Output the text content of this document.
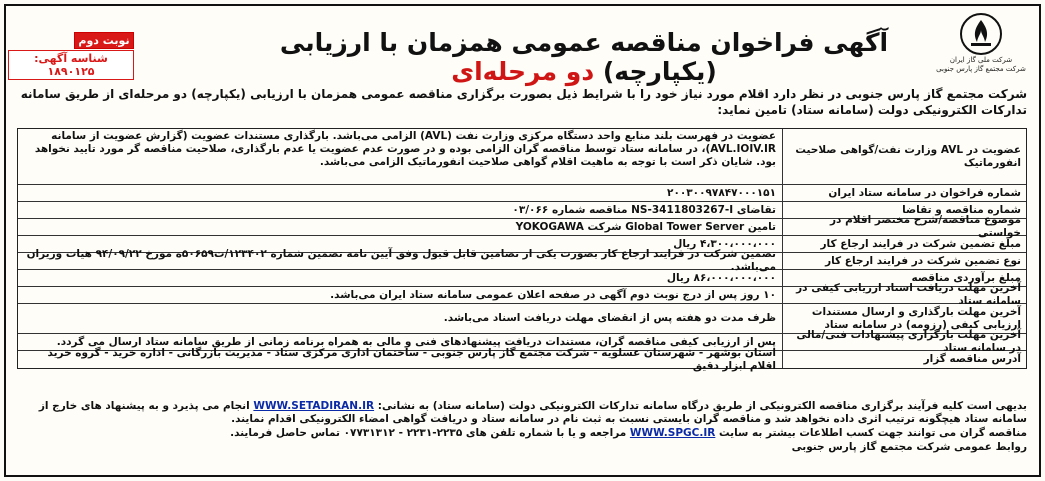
شرکت ملی گاز ایران
شرکت مجتمع گاز پارس جنوبی
آگهی فراخوان مناقصه عمومی همزمان با ارزیابی (یکپارچه) دو مرحله‌ای
نوبت دوم
شناسه آگهی: ۱۸۹۰۱۲۵
شرکت مجتمع گاز پارس جنوبی در نظر دارد اقلام مورد نیاز خود را با شرایط ذیل بصورت برگزاری مناقصه عمومی همزمان با ارزیابی (یکپارچه) دو مرحله‌ای از طریق سامانه تدارکات الکترونیکی دولت (سامانه ستاد) تامین نماید:
عضویت در AVL وزارت نفت/گواهی صلاحیت انفورماتیک
عضویت در فهرست بلند منابع واحد دستگاه مرکزی وزارت نفت (AVL) الزامی می‌باشد. بارگذاری مستندات عضویت (گزارش عضویت از سامانه AVL.IOIV.IR)، در سامانه ستاد توسط مناقصه گران الزامی بوده و در صورت عدم عضویت یا عدم بارگذاری، صلاحیت مناقصه گر مورد تایید نخواهد بود. شایان ذکر است با توجه به ماهیت اقلام گواهی صلاحیت انفورماتیک الزامی می‌باشد.
شماره فراخوان در سامانه ستاد ایران
۲۰۰۳۰۰۹۷۸۴۷۰۰۰۱۵۱
شماره مناقصه و تقاضا
تقاضای NS-3411803267-I مناقصه شماره ۰۳/۰۶۶
موضوع مناقصه/شرح مختصر اقلام در خواستی
تامین Global Tower Server شرکت YOKOGAWA
مبلغ تضمین شرکت در فرایند ارجاع کار
۴،۳۰۰،۰۰۰،۰۰۰ ریال
نوع تضمین شرکت در فرایند ارجاع کار
تضمین شرکت در فرایند ارجاع کار بصورت یکی از تضامین قابل قبول وفق آیین نامه تضمین شماره ۱۲۳۴۰۲/ت۵۰۶۵۹ه مورخ ۹۴/۰۹/۲۲ هیات وزیران می‌باشد.
مبلغ برآوردی مناقصه
۸۶،۰۰۰،۰۰۰،۰۰۰ ریال
آخرین مهلت دریافت اسناد ارزیابی کیفی در سامانه ستاد
۱۰ روز پس از درج نوبت دوم آگهی در صفحه اعلان عمومی سامانه ستاد ایران می‌باشد.
آخرین مهلت بارگذاری و ارسال مستندات ارزیابی کیفی (رزومه) در سامانه ستاد
ظرف مدت دو هفته پس از انقضای مهلت دریافت اسناد می‌باشد.
آخرین مهلت بارگزاری پیشنهادات فنی/مالی در سامانه ستاد
پس از ارزیابی کیفی مناقصه گران، مستندات دریافت پیشنهادهای فنی و مالی به همراه برنامه زمانی از طریق سامانه ستاد ارسال می گردد.
آدرس مناقصه گزار
استان بوشهر - شهرستان عسلویه - شرکت مجتمع گاز پارس جنوبی - ساختمان اداری مرکزی ستاد - مدیریت بازرگانی - اداره خرید - گروه خرید اقلام ابزار دقیق

بدیهی است کلیه فرآیند برگزاری مناقصه الکترونیکی از طریق درگاه سامانه تدارکات الکترونیکی دولت (سامانه ستاد) به نشانی: WWW.SETADIRAN.IR انجام می پذیرد و به پیشنهاد های خارج از سامانه ستاد هیچگونه ترتیب اثری داده نخواهد شد و مناقصه گران بایستی نسبت به ثبت نام در سامانه ستاد و دریافت گواهی امضاء الکترونیکی اقدام نمایند.

مناقصه گران می توانند جهت کسب اطلاعات بیشتر به سایت WWW.SPGC.IR مراجعه و یا با شماره تلفن های ۲۲۳۵-۲۲۳۱ - ۰۷۷۳۱۳۱۲ تماس حاصل فرمایند.

روابط عمومی شرکت مجتمع گاز پارس جنوبی
